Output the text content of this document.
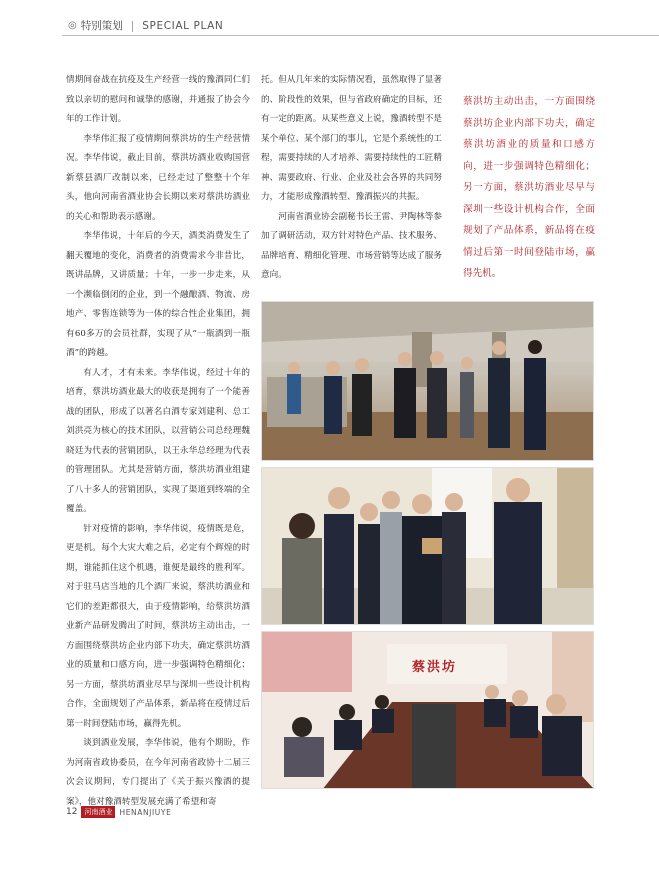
◎ 特别策划 | SPECIAL PLAN

情期间奋战在抗疫及生产经营一线的豫酒同仁们致以亲切的慰问和诚挚的感谢，并通报了协会今年的工作计划。

李华伟汇报了疫情期间蔡洪坊的生产经营情况。李华伟说，截止目前，蔡洪坊酒业收购国营新蔡县酒厂改制以来，已经走过了整整十个年头，他向河南省酒业协会长期以来对蔡洪坊酒业的关心和帮助表示感谢。

李华伟说，十年后的今天，酒类消费发生了翻天覆地的变化，消费者的消费需求今非昔比，既讲品牌，又讲质量；十年，一步一步走来，从一个濒临倒闭的企业，到一个融酿酒、物流、房地产、零售连锁等为一体的综合性企业集团，拥有60多万的会员社群，实现了从“一瓶酒到一瓶酒”的跨越。

有人才，才有未来。李华伟说，经过十年的培育，蔡洪坊酒业最大的收获是拥有了一个能善战的团队，形成了以著名白酒专家刘建利、总工刘洪亮为核心的技术团队，以营销公司总经理魏晓廷为代表的营销团队，以王永华总经理为代表的管理团队。尤其是营销方面，蔡洪坊酒业组建了八十多人的营销团队，实现了渠道到终端的全覆盖。

针对疫情的影响，李华伟说，疫情既是危，更是机。每个大灾大难之后，必定有个辉煌的时期，谁能抓住这个机遇，谁便是最终的胜利军。对于驻马店当地的几个酒厂来说，蔡洪坊酒业和它们的差距都很大，由于疫情影响，给蔡洪坊酒业新产品研发腾出了时间，蔡洪坊主动出击，一方面围绕蔡洪坊企业内部下功夫，确定蔡洪坊酒业的质量和口感方向，进一步强调特色精细化；另一方面，蔡洪坊酒业尽早与深圳一些设计机构合作，全面规划了产品体系，新品将在疫情过后第一时间登陆市场，赢得先机。

谈到酒业发展，李华伟说，他有个期盼，作为河南省政协委员，在今年河南省政协十二届三次会议期间，专门提出了《关于振兴豫酒的提案》，他对豫酒转型发展充满了希望和寄

托。但从几年来的实际情况看，虽然取得了显著的、阶段性的效果，但与省政府确定的目标，还有一定的距离。从某些意义上说，豫酒转型不是某个单位、某个部门的事儿，它是个系统性的工程，需要持续的人才培养、需要持续性的工匠精神、需要政府、行业、企业及社会各界的共同努力，才能形成豫酒转型、豫酒振兴的共振。

河南省酒业协会副秘书长王雷、尹陶林等参加了调研活动，双方针对特色产品、技术服务、品牌培育、精细化管理、市场营销等达成了服务意向。

蔡洪坊主动出击，一方面围绕蔡洪坊企业内部下功夫，确定蔡洪坊酒业的质量和口感方向，进一步强调特色精细化；另一方面，蔡洪坊酒业尽早与深圳一些设计机构合作，全面规划了产品体系，新品将在疫情过后第一时间登陆市场，赢得先机。
蔡洪坊
12	河南酒业 HENANJIUYE
